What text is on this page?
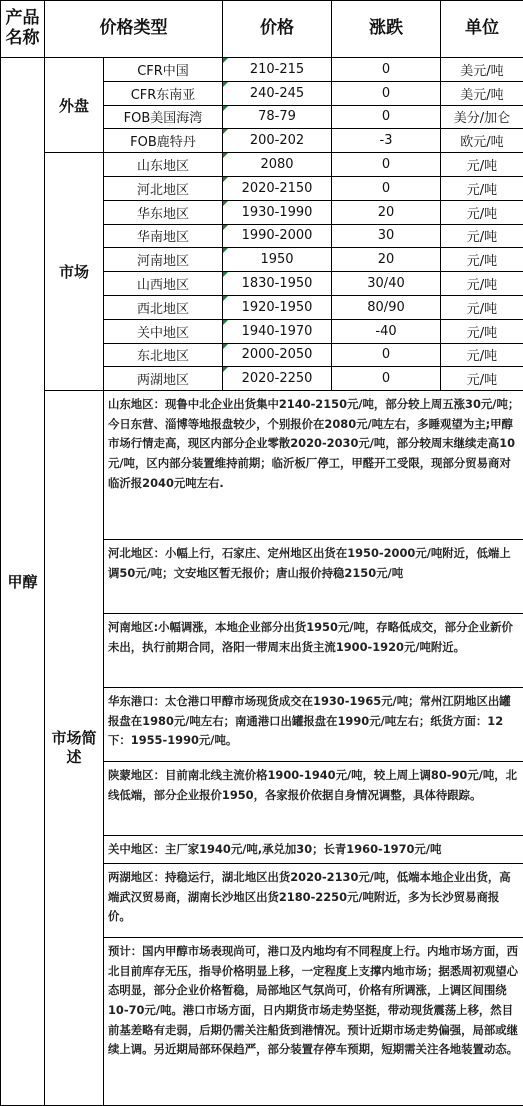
产品名称	价格类型		价格	涨跌	单位
甲醇	外盘	CFR中国	210-215	0	美元/吨
		CFR东南亚	240-245	0	美元/吨
		FOB美国海湾	78-79	0	美分/加仑
		FOB鹿特丹	200-202	-3	欧元/吨
	市场	山东地区	2080	0	元/吨
		河北地区	2020-2150	0	元/吨
		华东地区	1930-1990	20	元/吨
		华南地区	1990-2000	30	元/吨
		河南地区	1950	20	元/吨
		山西地区	1830-1950	30/40	元/吨
		西北地区	1920-1950	80/90	元/吨
		关中地区	1940-1970	-40	元/吨
		东北地区	2000-2050	0	元/吨
		两湖地区	2020-2250	0	元/吨
	市场简述	山东地区：现鲁中北企业出货集中2140-2150元/吨，部分较上周五涨30元/吨；今日东营、淄博等地报盘较少，个别报价在2080元/吨左右，多睡观望为主;甲醇市场行情走高，现区内部分企业零散2020-2030元/吨，部分较周末继续走高10元/吨，区内部分装置维持前期；临沂板厂停工，甲醛开工受限，现部分贸易商对临沂报2040元吨左右.			
		河北地区：小幅上行，石家庄、定州地区出货在1950-2000元/吨附近，低端上调50元/吨；文安地区暂无报价；唐山报价持稳2150元/吨			
		河南地区:小幅调涨，本地企业部分出货1950元/吨，存略低成交，部分企业新价未出，执行前期合同，洛阳一带周末出货主流1900-1920元/吨附近。			
		华东港口：太仓港口甲醇市场现货成交在1930-1965元/吨；常州江阴地区出罐报盘在1980元/吨左右；南通港口出罐报盘在1990元/吨左右；纸货方面：12下：1955-1990元/吨。			
		陕蒙地区：目前南北线主流价格1900-1940元/吨，较上周上调80-90元/吨，北线低端，部分企业报价1950，各家报价依据自身情况调整，具体待跟踪。			
		关中地区：主厂家1940元/吨,承兑加30；长青1960-1970元/吨			
		两湖地区：持稳运行，湖北地区出货2020-2130元/吨，低端本地企业出货，高端武汉贸易商，湖南长沙地区出货2180-2250元/吨附近，多为长沙贸易商报价。			
		预计：国内甲醇市场表现尚可，港口及内地均有不同程度上行。内地市场方面，西北目前库存无压，指导价格明显上移，一定程度上支撑内地市场；据悉周初观望心态明显，部分企业价格暂稳，局部地区气氛尚可，价格有所调涨，上调区间围绕10-70元/吨。港口市场方面，日内期货市场走势坚挺，带动现货震荡上移，然目前基差略有走弱，后期仍需关注船货到港情况。预计近期市场走势偏强，局部或继续上调。另近期局部环保趋严，部分装置存停车预期，短期需关注各地装置动态。			
